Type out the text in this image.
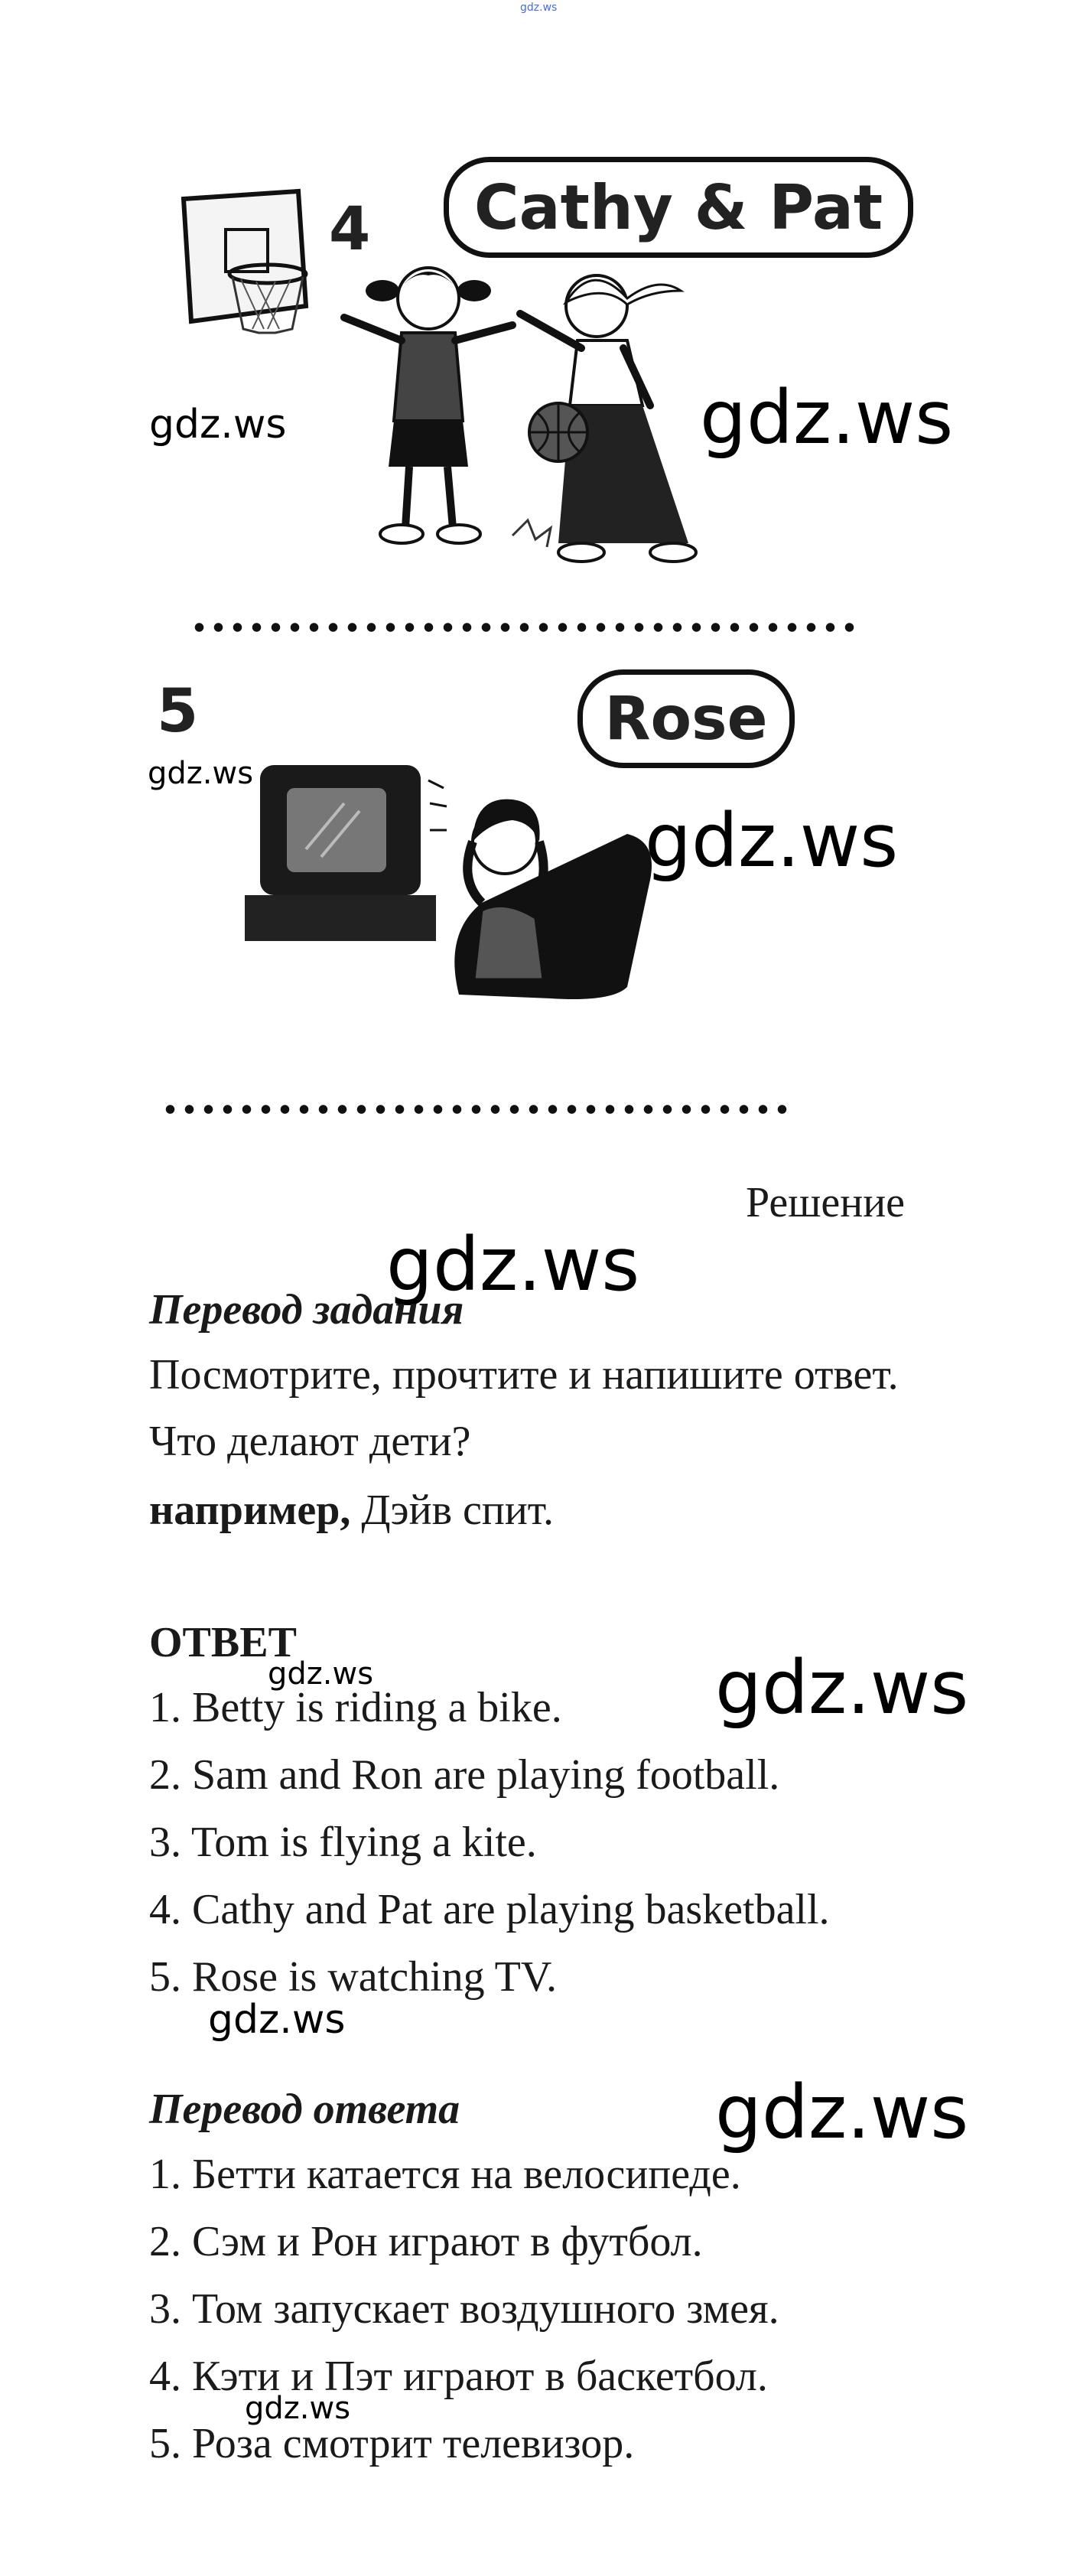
gdz.ws
4 Cathy & Pat
gdz.ws	gdz.ws
5	Rose
gdz.ws
gdz.ws
Решение
gdz.ws
Перевод задания
Посмотрите, прочтите и напишите ответ.
Что делают дети?
например, Дэйв спит.
ОТВЕТ
gdz.ws	gdz.ws
1. Betty is riding a bike.
2. Sam and Ron are playing football.
3. Tom is flying a kite.
4. Cathy and Pat are playing basketball.
5. Rose is watching TV.
gdz.ws
Перевод ответа	gdz.ws
1. Бетти катается на велосипеде.
2. Сэм и Рон играют в футбол.
3. Том запускает воздушного змея.
4. Кэти и Пэт играют в баскетбол.
gdz.ws
5. Роза смотрит телевизор.
